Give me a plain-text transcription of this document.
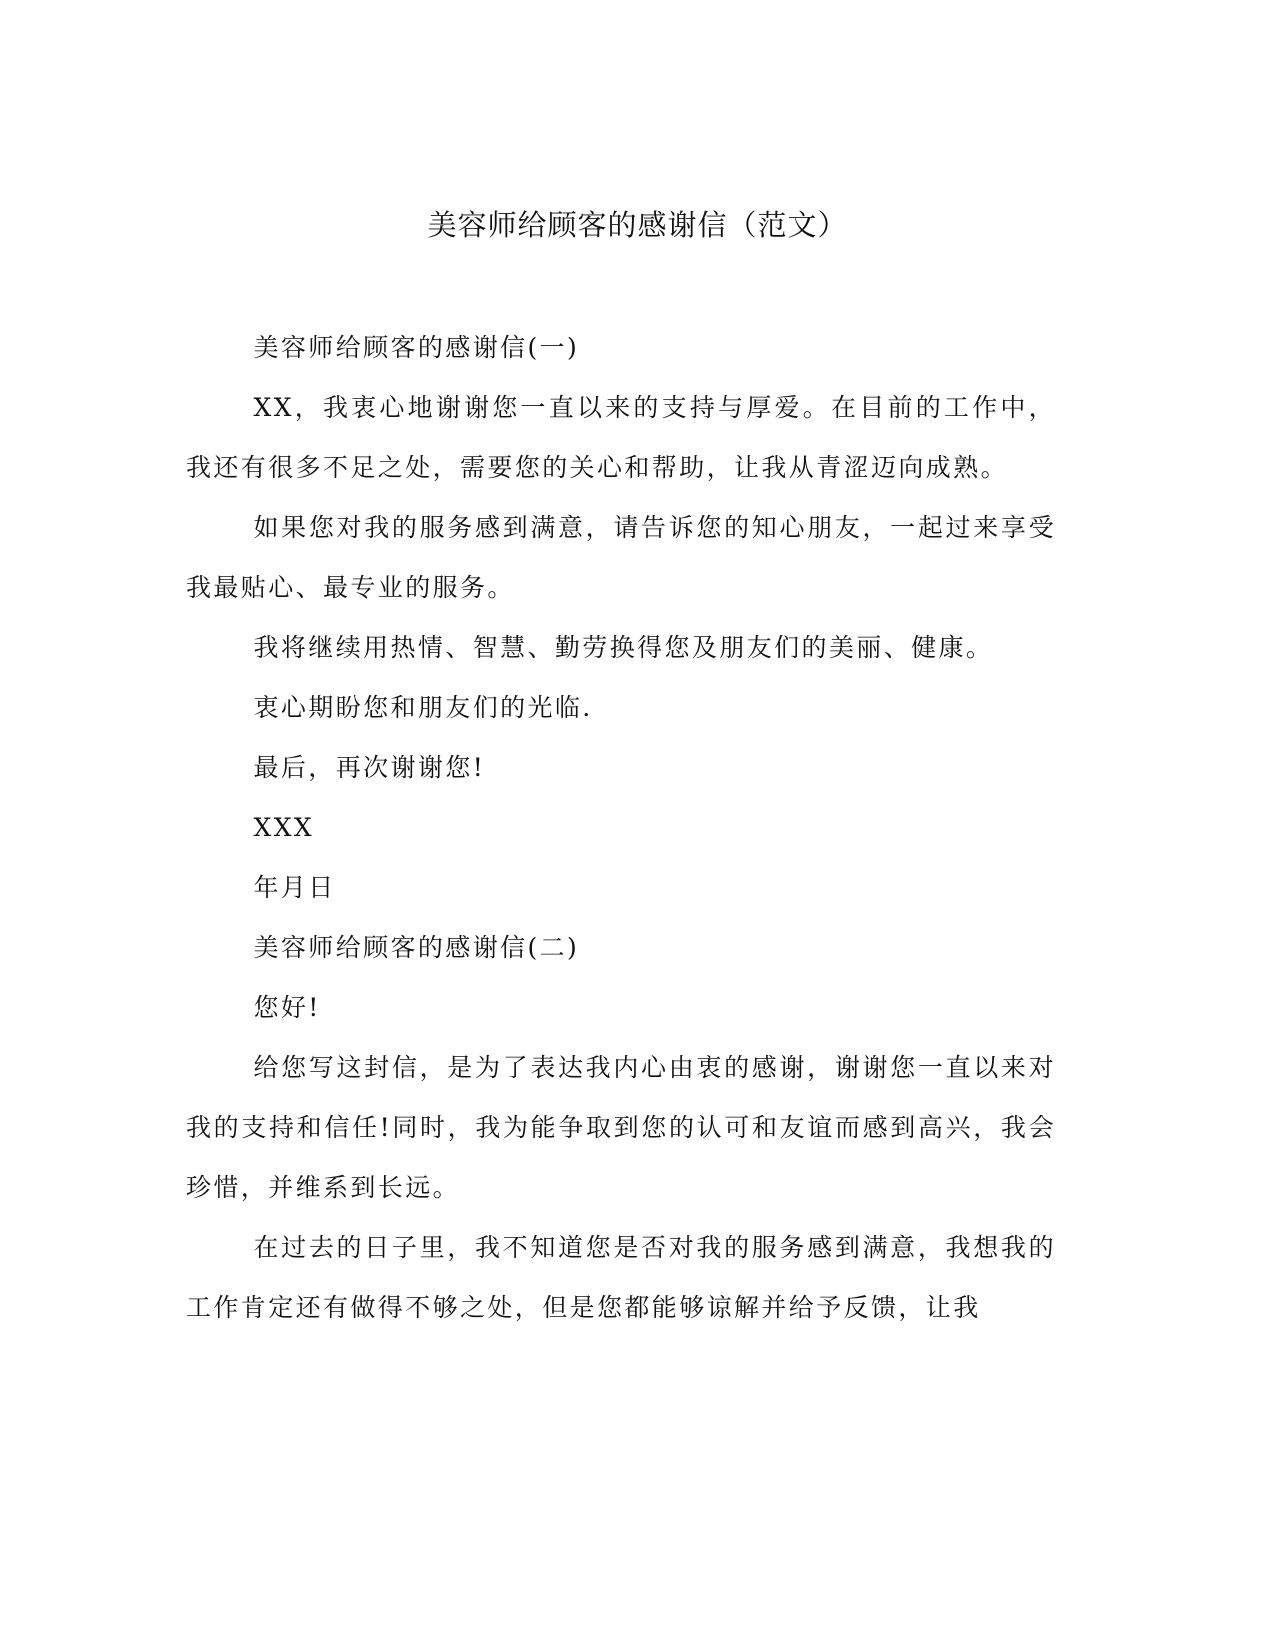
美容师给顾客的感谢信（范文）

美容师给顾客的感谢信(一)

XX，我衷心地谢谢您一直以来的支持与厚爱。在目前的工作中，我还有很多不足之处，需要您的关心和帮助，让我从青涩迈向成熟。

如果您对我的服务感到满意，请告诉您的知心朋友，一起过来享受我最贴心、最专业的服务。

我将继续用热情、智慧、勤劳换得您及朋友们的美丽、健康。

衷心期盼您和朋友们的光临.

最后，再次谢谢您!

XXX

年月日

美容师给顾客的感谢信(二)

您好!

给您写这封信，是为了表达我内心由衷的感谢，谢谢您一直以来对我的支持和信任!同时，我为能争取到您的认可和友谊而感到高兴，我会珍惜，并维系到长远。

在过去的日子里，我不知道您是否对我的服务感到满意，我想我的工作肯定还有做得不够之处，但是您都能够谅解并给予反馈，让我
